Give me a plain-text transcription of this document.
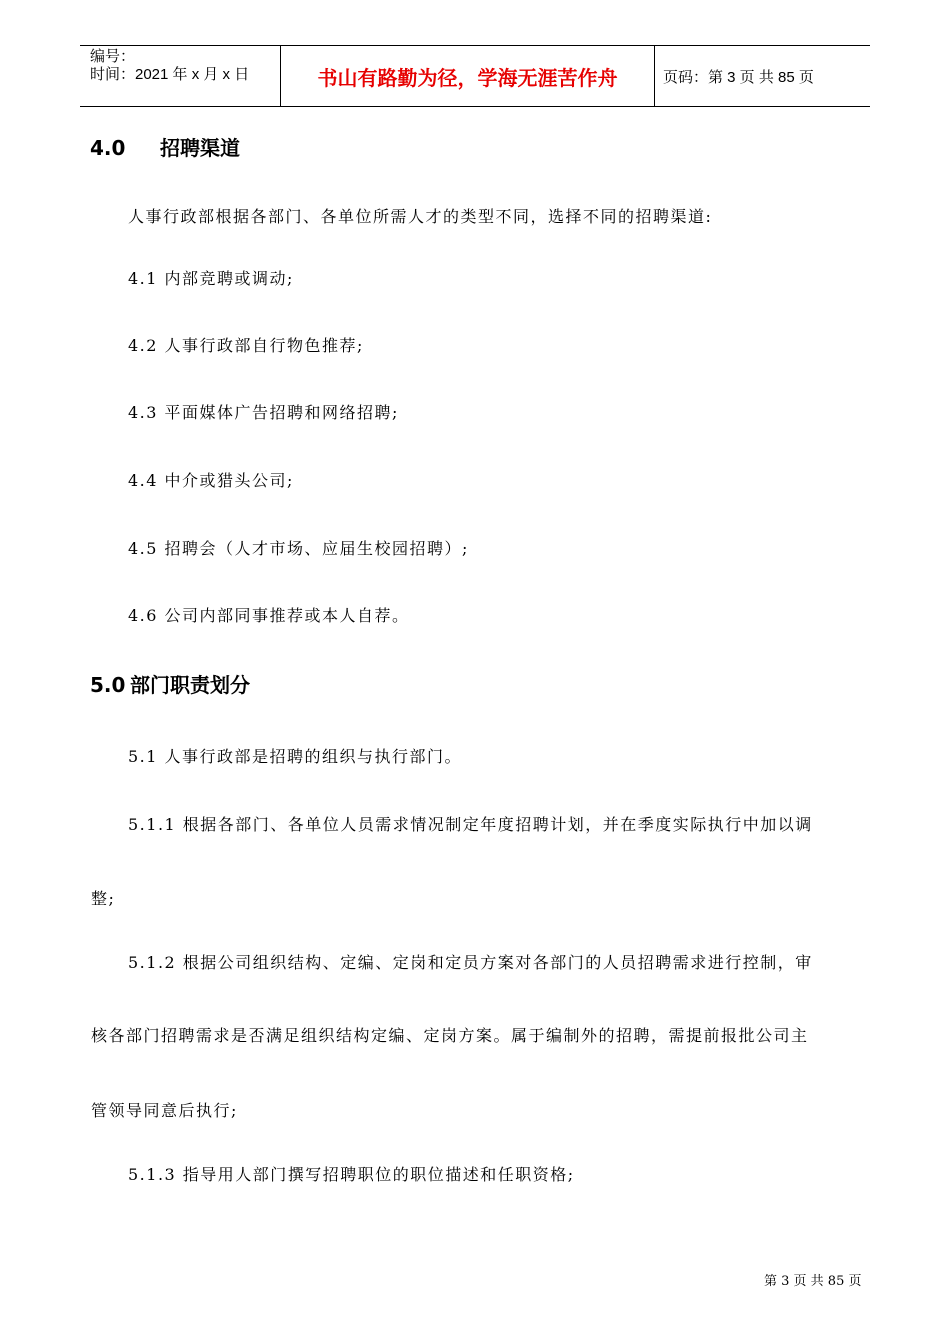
编号：
时间：2021 年 x 月 x 日	书山有路勤为径，学海无涯苦作舟	页码：第 3 页 共 85 页
4.0 招聘渠道
人事行政部根据各部门、各单位所需人才的类型不同，选择不同的招聘渠道:
4.1 内部竞聘或调动;
4.2 人事行政部自行物色推荐;
4.3 平面媒体广告招聘和网络招聘;
4.4 中介或猎头公司;
4.5 招聘会（人才市场、应届生校园招聘）;
4.6 公司内部同事推荐或本人自荐。
5.0 部门职责划分
5.1 人事行政部是招聘的组织与执行部门。
5.1.1 根据各部门、各单位人员需求情况制定年度招聘计划，并在季度实际执行中加以调
整;
5.1.2 根据公司组织结构、定编、定岗和定员方案对各部门的人员招聘需求进行控制，审
核各部门招聘需求是否满足组织结构定编、定岗方案。属于编制外的招聘，需提前报批公司主
管领导同意后执行;
5.1.3 指导用人部门撰写招聘职位的职位描述和任职资格;
第 3 页 共 85 页
